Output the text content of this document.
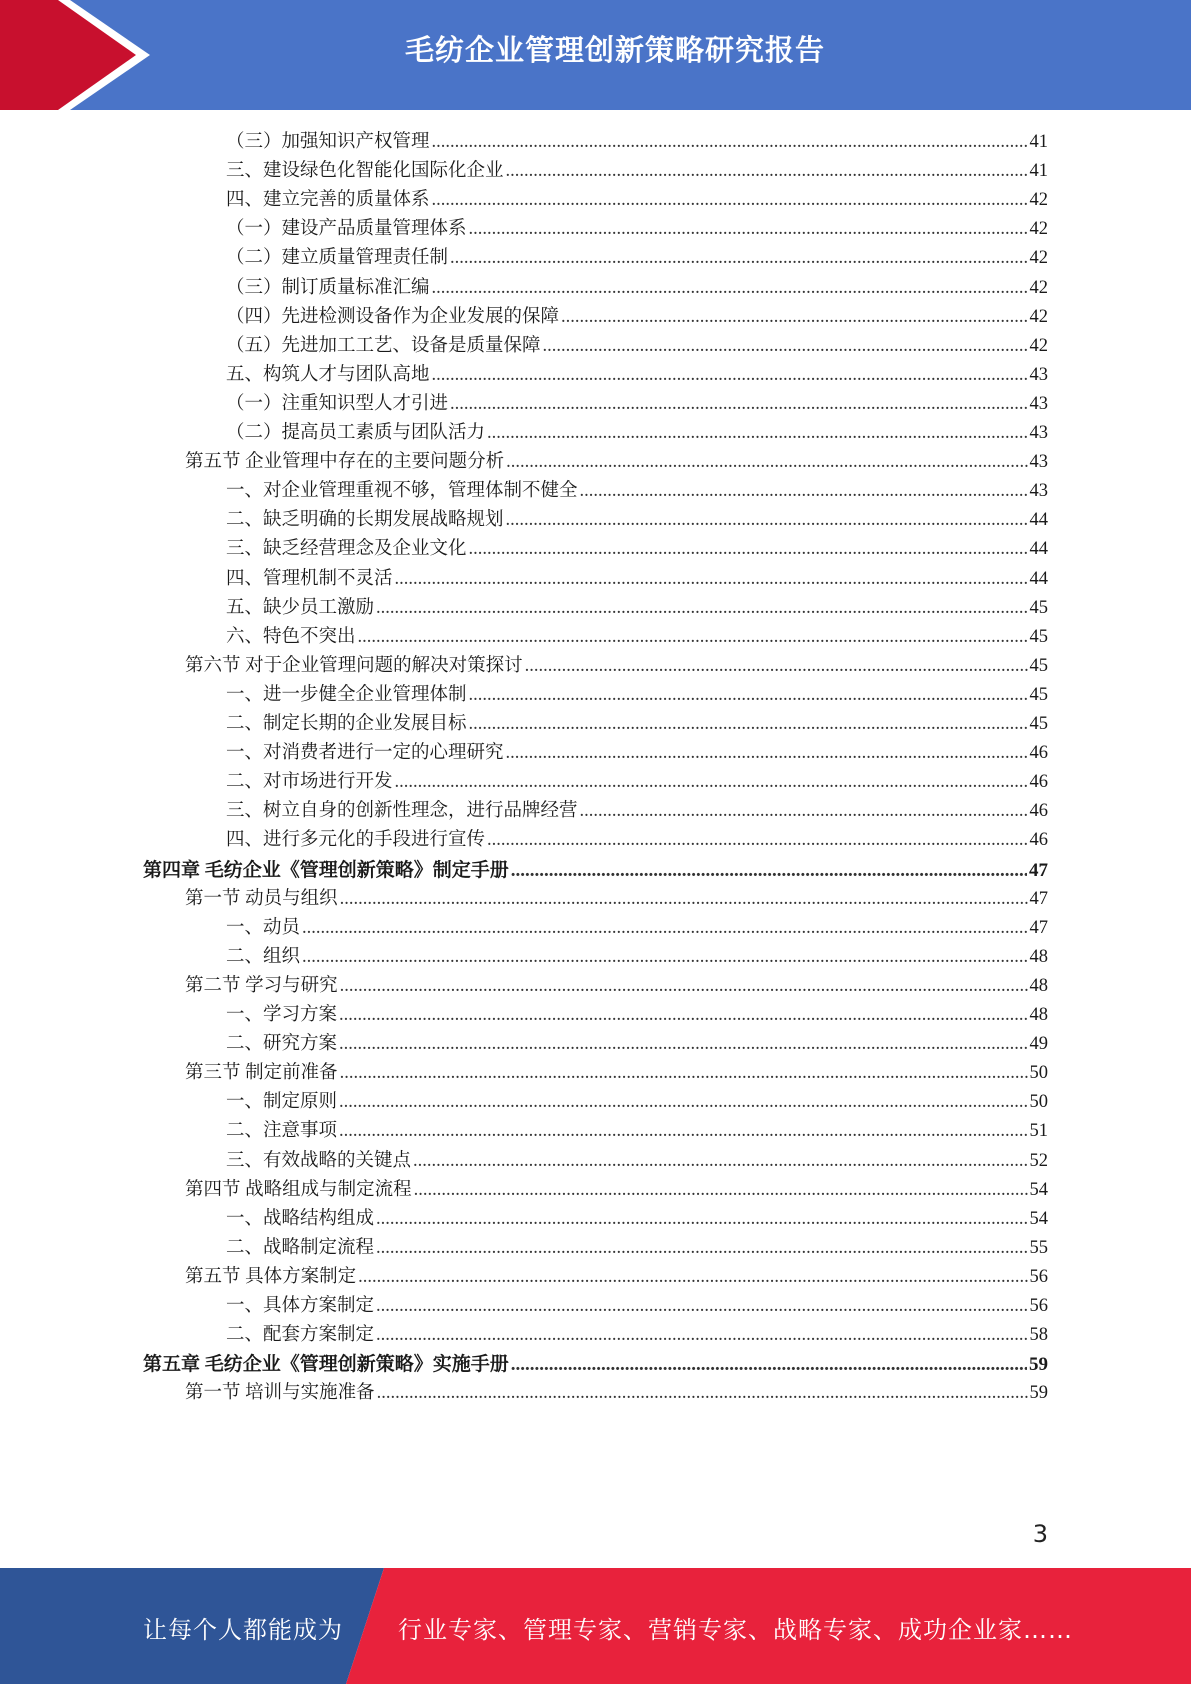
毛纺企业管理创新策略研究报告
（三）加强知识产权管理 .....	41
三、建设绿色化智能化国际化企业 .....	41
四、建立完善的质量体系 .....	42
（一）建设产品质量管理体系 .....	42
（二）建立质量管理责任制 .....	42
（三）制订质量标准汇编 .....	42
（四）先进检测设备作为企业发展的保障 .....	42
（五）先进加工工艺、设备是质量保障 .....	42
五、构筑人才与团队高地 .....	43
（一）注重知识型人才引进 .....	43
（二）提高员工素质与团队活力 .....	43
第五节 企业管理中存在的主要问题分析 .....	43
一、对企业管理重视不够，管理体制不健全 .....	43
二、缺乏明确的长期发展战略规划 .....	44
三、缺乏经营理念及企业文化 .....	44
四、管理机制不灵活 .....	44
五、缺少员工激励 .....	45
六、特色不突出 .....	45
第六节 对于企业管理问题的解决对策探讨 .....	45
一、进一步健全企业管理体制 .....	45
二、制定长期的企业发展目标 .....	45
一、对消费者进行一定的心理研究 .....	46
二、对市场进行开发 .....	46
三、树立自身的创新性理念，进行品牌经营 .....	46
四、进行多元化的手段进行宣传 .....	46
第四章 毛纺企业《管理创新策略》制定手册 .....	47
第一节 动员与组织 .....	47
一、动员 .....	47
二、组织 .....	48
第二节 学习与研究 .....	48
一、学习方案 .....	48
二、研究方案 .....	49
第三节 制定前准备 .....	50
一、制定原则 .....	50
二、注意事项 .....	51
三、有效战略的关键点 .....	52
第四节 战略组成与制定流程 .....	54
一、战略结构组成 .....	54
二、战略制定流程 .....	55
第五节 具体方案制定 .....	56
一、具体方案制定 .....	56
二、配套方案制定 .....	58
第五章 毛纺企业《管理创新策略》实施手册 .....	59
第一节 培训与实施准备 .....	59
3
让每个人都能成为 行业专家、管理专家、营销专家、战略专家、成功企业家……
